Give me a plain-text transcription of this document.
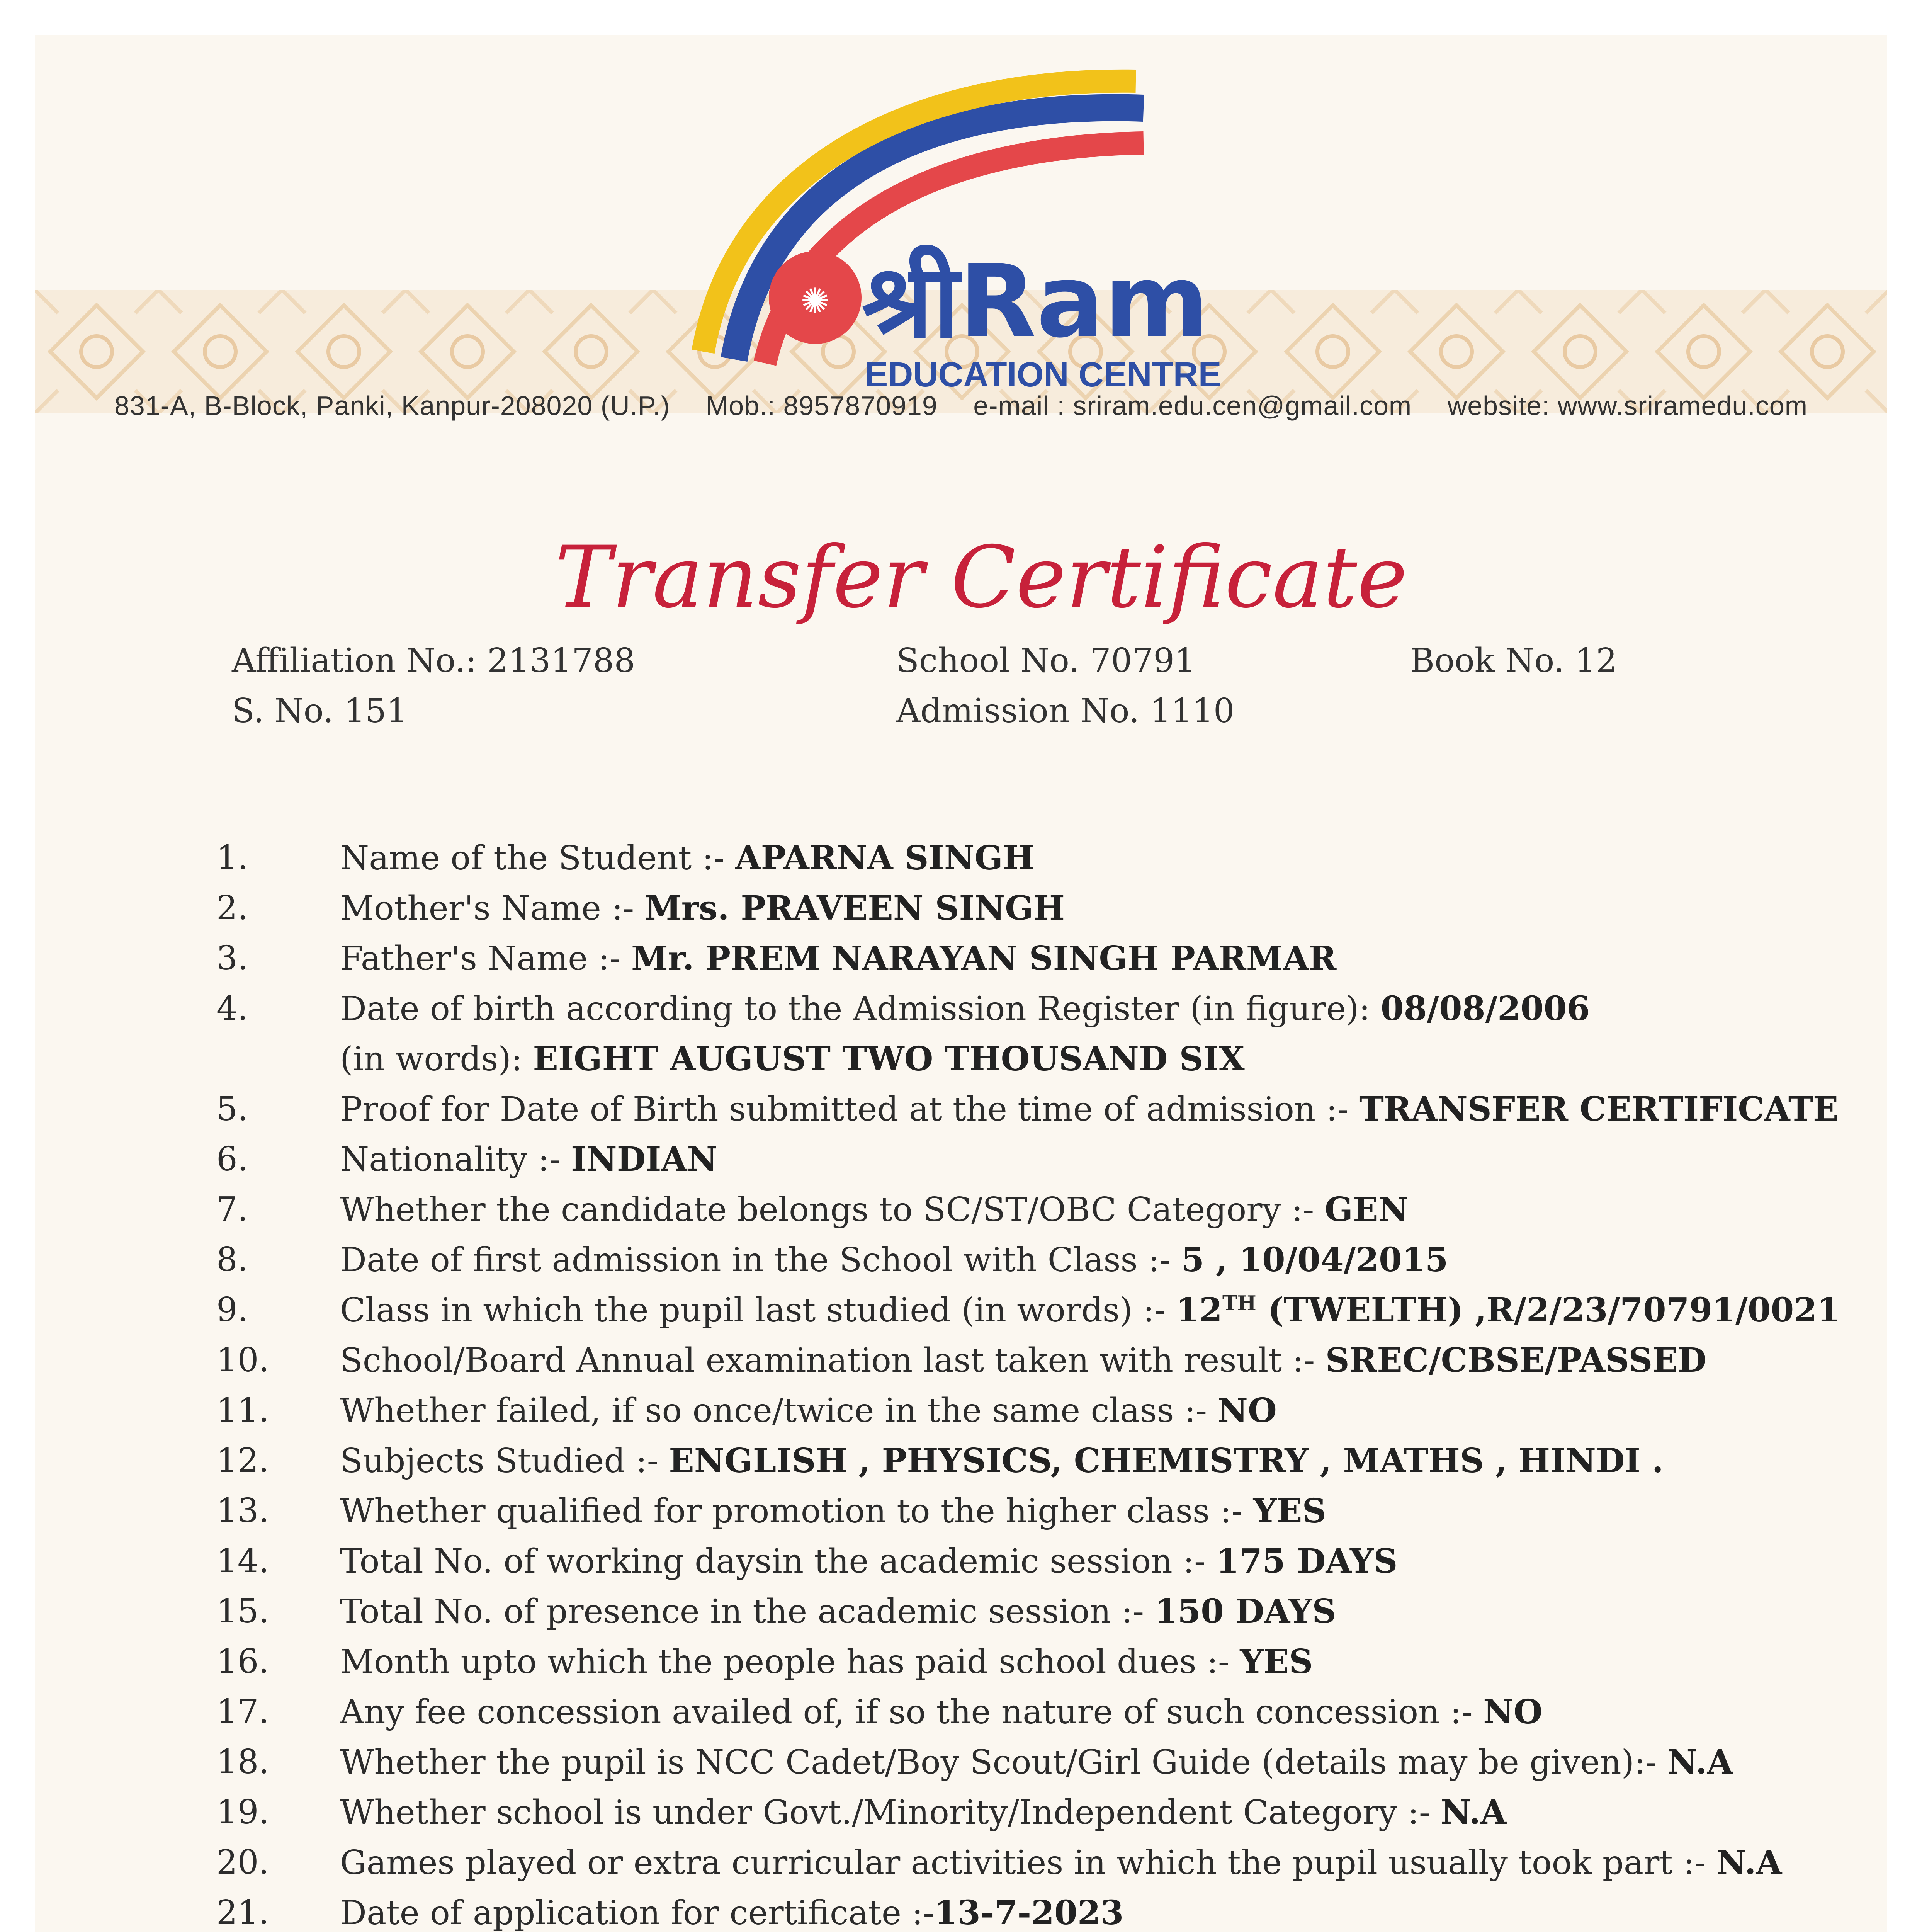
✺ श्रीRam
EDUCATION CENTRE
831-A, B-Block, Panki, Kanpur-208020 (U.P.) Mob.: 8957870919 e-mail : sriram.edu.cen@gmail.com website: www.sriramedu.com
Transfer Certificate
Affiliation No.: 2131788	School No. 70791	Book No. 12
S. No. 151	Admission No. 1110
1.	Name of the Student :- APARNA SINGH
2.	Mother's Name :- Mrs. PRAVEEN SINGH
3.	Father's Name :- Mr. PREM NARAYAN SINGH PARMAR
4.	Date of birth according to the Admission Register (in figure): 08/08/2006
(in words): EIGHT AUGUST TWO THOUSAND SIX
5.	Proof for Date of Birth submitted at the time of admission :- TRANSFER CERTIFICATE
6.	Nationality :- INDIAN
7.	Whether the candidate belongs to SC/ST/OBC Category :- GEN
8.	Date of first admission in the School with Class :- 5 , 10/04/2015
9.	Class in which the pupil last studied (in words) :- 12TH (TWELTH) ,R/2/23/70791/0021
10.	School/Board Annual examination last taken with result :- SREC/CBSE/PASSED
11.	Whether failed, if so once/twice in the same class :- NO
12.	Subjects Studied :- ENGLISH , PHYSICS, CHEMISTRY , MATHS , HINDI .
13.	Whether qualified for promotion to the higher class :- YES
14.	Total No. of working daysin the academic session :- 175 DAYS
15.	Total No. of presence in the academic session :- 150 DAYS
16.	Month upto which the people has paid school dues :- YES
17.	Any fee concession availed of, if so the nature of such concession :- NO
18.	Whether the pupil is NCC Cadet/Boy Scout/Girl Guide (details may be given):- N.A
19.	Whether school is under Govt./Minority/Independent Category :- N.A
20.	Games played or extra curricular activities in which the pupil usually took part :- N.A
21.	Date of application for certificate :-13-7-2023
